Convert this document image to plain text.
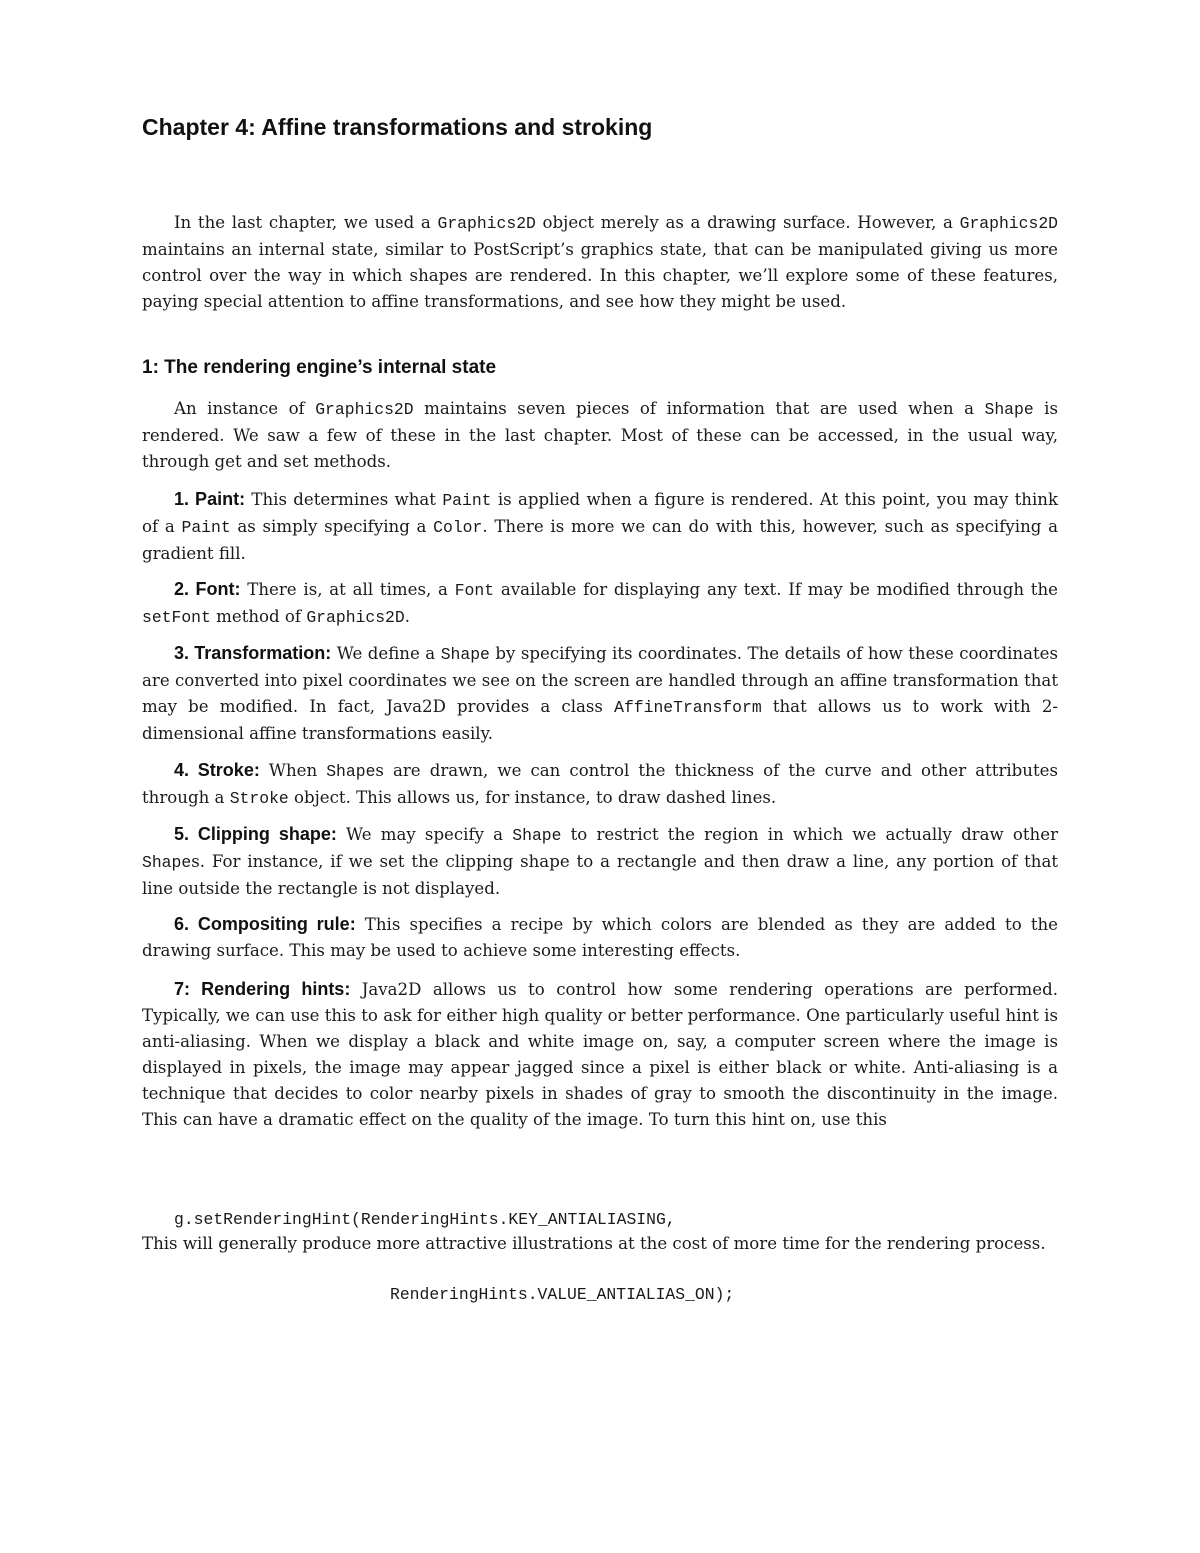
Chapter 4: Affine transformations and stroking

In the last chapter, we used a Graphics2D object merely as a drawing surface. However, a Graphics2D maintains an internal state, similar to PostScript’s graphics state, that can be manipulated giving us more control over the way in which shapes are rendered. In this chapter, we’ll explore some of these features, paying special attention to affine transformations, and see how they might be used.

1: The rendering engine’s internal state

An instance of Graphics2D maintains seven pieces of information that are used when a Shape is rendered. We saw a few of these in the last chapter. Most of these can be accessed, in the usual way, through get and set methods.

1. Paint: This determines what Paint is applied when a figure is rendered. At this point, you may think of a Paint as simply specifying a Color. There is more we can do with this, however, such as specifying a gradient fill.

2. Font: There is, at all times, a Font available for displaying any text. If may be modified through the setFont method of Graphics2D.

3. Transformation: We define a Shape by specifying its coordinates. The details of how these coordinates are converted into pixel coordinates we see on the screen are handled through an affine transformation that may be modified. In fact, Java2D provides a class AffineTransform that allows us to work with 2-dimensional affine transformations easily.

4. Stroke: When Shapes are drawn, we can control the thickness of the curve and other attributes through a Stroke object. This allows us, for instance, to draw dashed lines.

5. Clipping shape: We may specify a Shape to restrict the region in which we actually draw other Shapes. For instance, if we set the clipping shape to a rectangle and then draw a line, any portion of that line outside the rectangle is not displayed.

6. Compositing rule: This specifies a recipe by which colors are blended as they are added to the drawing surface. This may be used to achieve some interesting effects.

7: Rendering hints: Java2D allows us to control how some rendering operations are performed. Typically, we can use this to ask for either high quality or better performance. One particularly useful hint is anti-aliasing. When we display a black and white image on, say, a computer screen where the image is displayed in pixels, the image may appear jagged since a pixel is either black or white. Anti-aliasing is a technique that decides to color nearby pixels in shades of gray to smooth the discontinuity in the image. This can have a dramatic effect on the quality of the image. To turn this hint on, use this

g.setRenderingHint(RenderingHints.KEY_ANTIALIASING,

RenderingHints.VALUE_ANTIALIAS_ON);

This will generally produce more attractive illustrations at the cost of more time for the rendering process.
